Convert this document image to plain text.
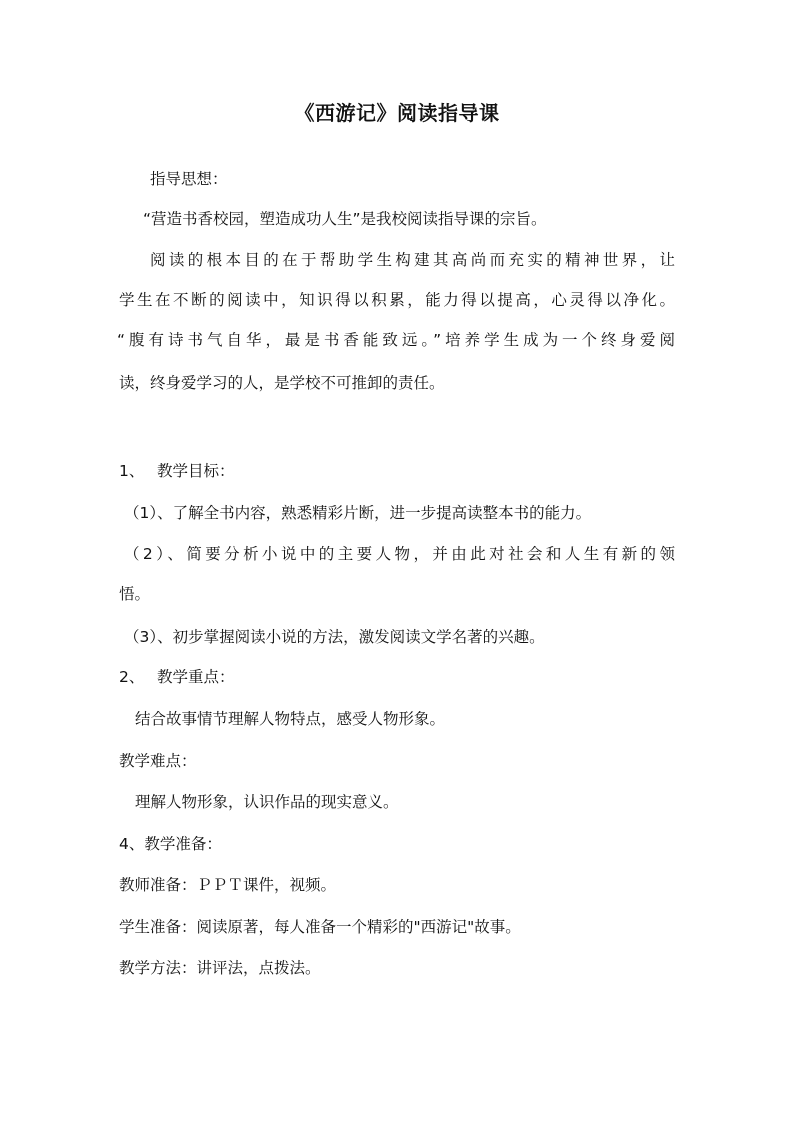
《西游记》阅读指导课
指导思想：
“营造书香校园，塑造成功人生”是我校阅读指导课的宗旨。
阅读的根本目的在于帮助学生构建其高尚而充实的精神世界，让
学生在不断的阅读中，知识得以积累，能力得以提高，心灵得以净化。
“腹有诗书气自华，最是书香能致远。”培养学生成为一个终身爱阅
读，终身爱学习的人，是学校不可推卸的责任。
1、 教学目标：
（1）、了解全书内容，熟悉精彩片断，进一步提高读整本书的能力。
（2）、简要分析小说中的主要人物，并由此对社会和人生有新的领
悟。
（3）、初步掌握阅读小说的方法，激发阅读文学名著的兴趣。
2、 教学重点：
结合故事情节理解人物特点，感受人物形象。
教学难点：
理解人物形象，认识作品的现实意义。
4、教学准备：
教师准备：ＰＰＴ课件，视频。
学生准备：阅读原著，每人准备一个精彩的"西游记"故事。
教学方法：讲评法，点拨法。
